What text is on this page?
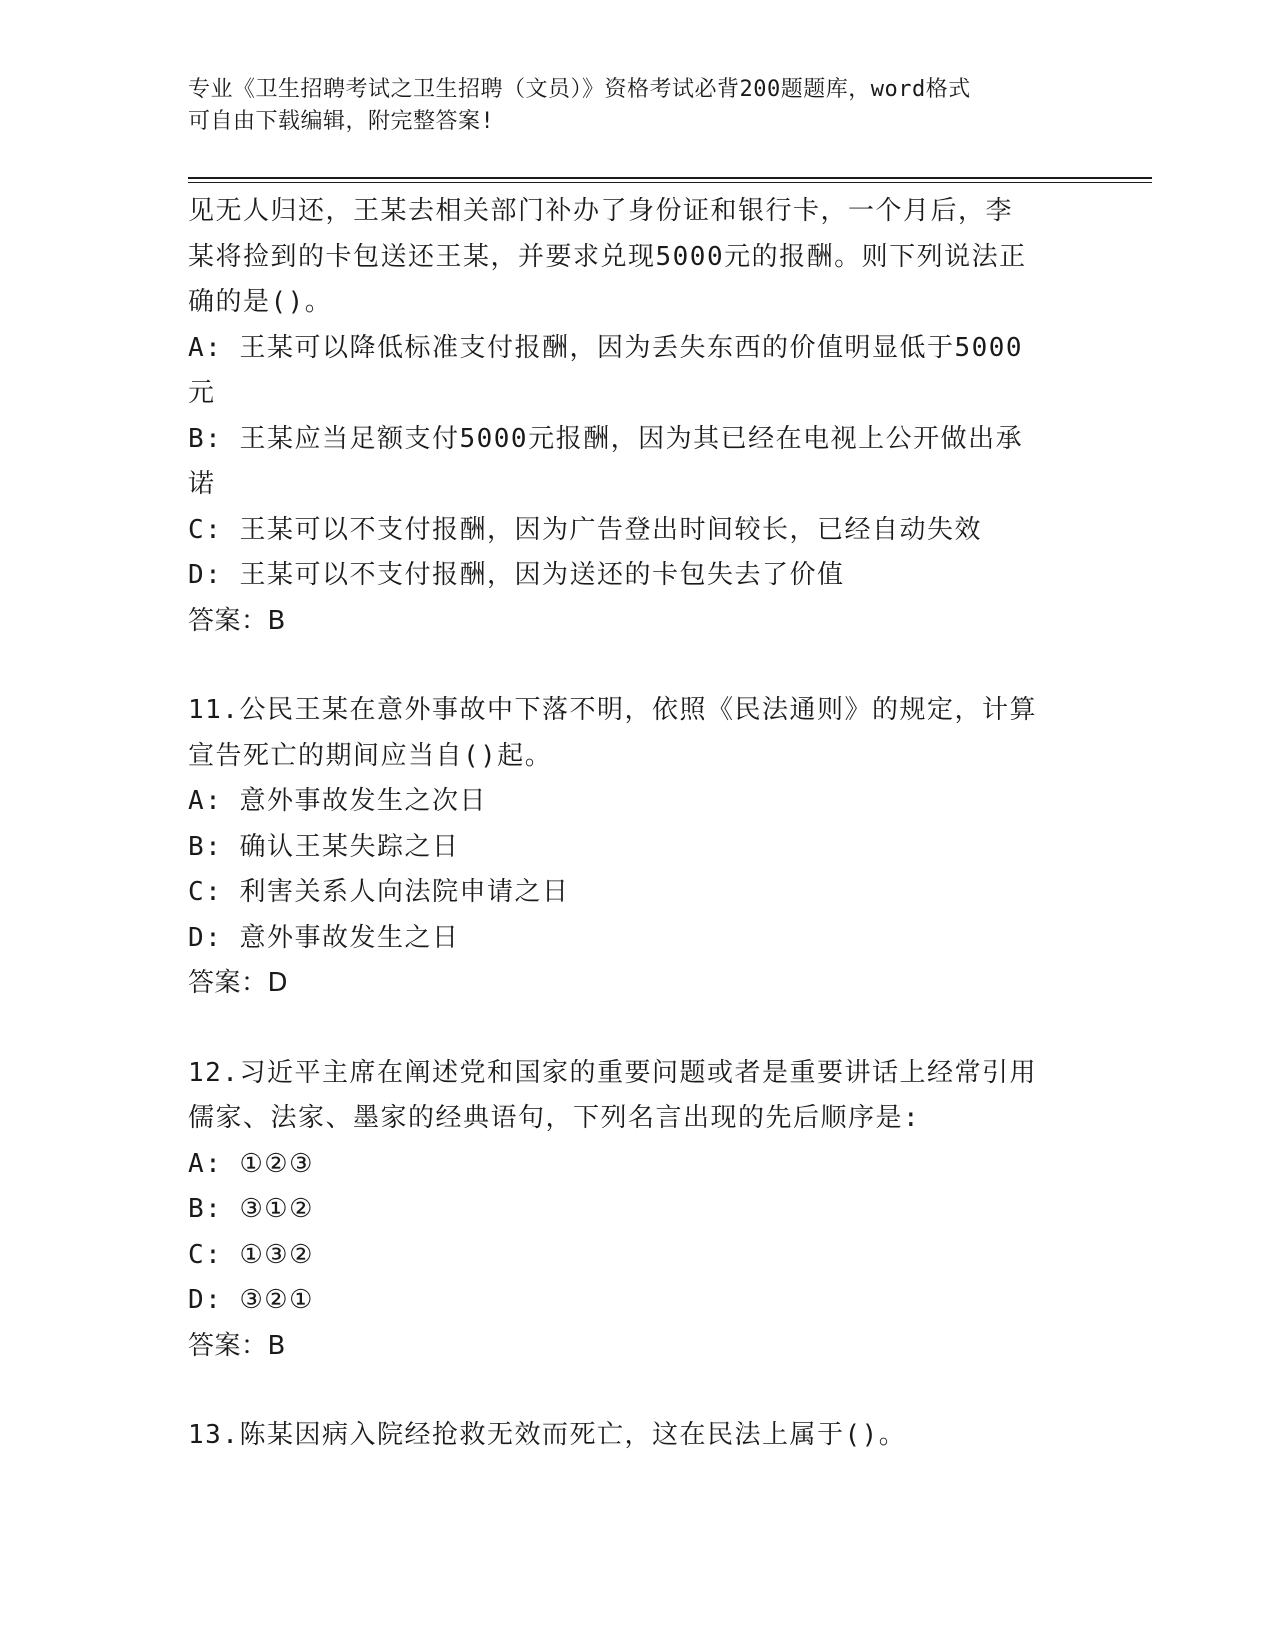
专业《卫生招聘考试之卫生招聘（文员）》资格考试必背200题题库，word格式
可自由下载编辑，附完整答案!
见无人归还，王某去相关部门补办了身份证和银行卡，一个月后，李
某将捡到的卡包送还王某，并要求兑现5000元的报酬。则下列说法正
确的是()。
A: 王某可以降低标准支付报酬，因为丢失东西的价值明显低于5000
元
B: 王某应当足额支付5000元报酬，因为其已经在电视上公开做出承
诺
C: 王某可以不支付报酬，因为广告登出时间较长，已经自动失效
D: 王某可以不支付报酬，因为送还的卡包失去了价值
答案：B
11.公民王某在意外事故中下落不明，依照《民法通则》的规定，计算
宣告死亡的期间应当自()起。
A: 意外事故发生之次日
B: 确认王某失踪之日
C: 利害关系人向法院申请之日
D: 意外事故发生之日
答案：D
12.习近平主席在阐述党和国家的重要问题或者是重要讲话上经常引用
儒家、法家、墨家的经典语句，下列名言出现的先后顺序是:
A: ①②③
B: ③①②
C: ①③②
D: ③②①
答案：B
13.陈某因病入院经抢救无效而死亡，这在民法上属于()。
